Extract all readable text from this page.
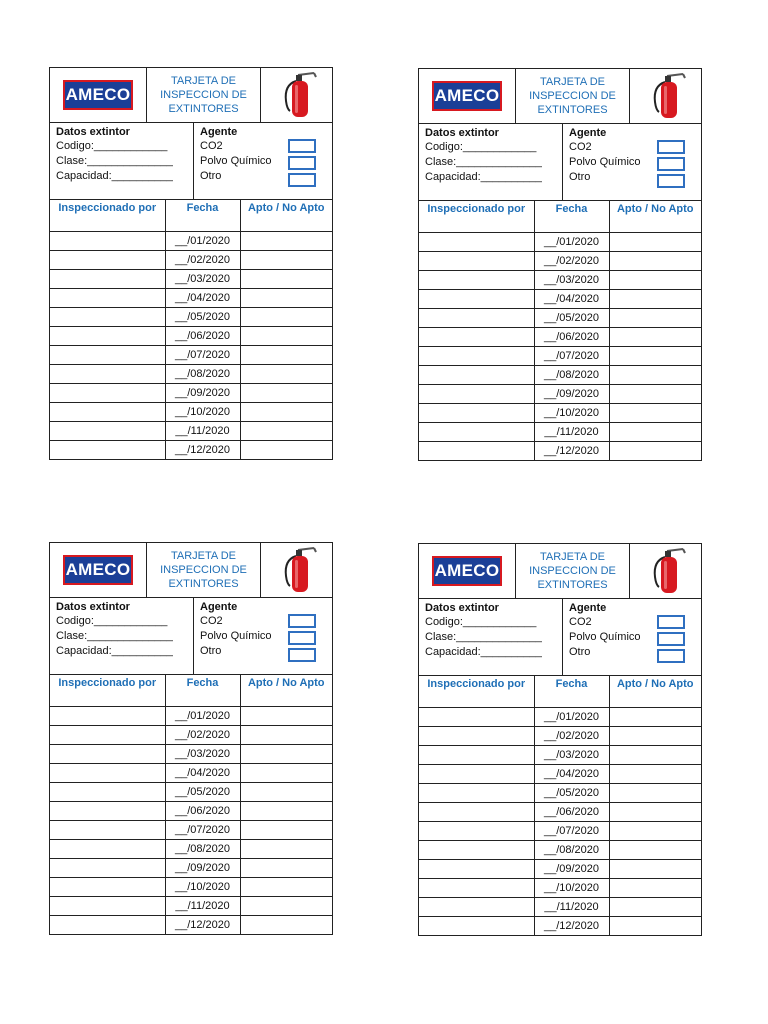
AMECO
TARJETA DE
INSPECCION DE
EXTINTORES
Datos extintor
Codigo:____________
Clase:______________
Capacidad:__________
Agente
CO2
Polvo Químico
Otro
Inspeccionado por	Fecha	Apto / No Apto
	__/01/2020	
	__/02/2020	
	__/03/2020	
	__/04/2020	
	__/05/2020	
	__/06/2020	
	__/07/2020	
	__/08/2020	
	__/09/2020	
	__/10/2020	
	__/11/2020	
	__/12/2020	
AMECO
TARJETA DE
INSPECCION DE
EXTINTORES
Datos extintor
Codigo:____________
Clase:______________
Capacidad:__________
Agente
CO2
Polvo Químico
Otro
Inspeccionado por	Fecha	Apto / No Apto
	__/01/2020	
	__/02/2020	
	__/03/2020	
	__/04/2020	
	__/05/2020	
	__/06/2020	
	__/07/2020	
	__/08/2020	
	__/09/2020	
	__/10/2020	
	__/11/2020	
	__/12/2020	
AMECO
TARJETA DE
INSPECCION DE
EXTINTORES
Datos extintor
Codigo:____________
Clase:______________
Capacidad:__________
Agente
CO2
Polvo Químico
Otro
Inspeccionado por	Fecha	Apto / No Apto
	__/01/2020	
	__/02/2020	
	__/03/2020	
	__/04/2020	
	__/05/2020	
	__/06/2020	
	__/07/2020	
	__/08/2020	
	__/09/2020	
	__/10/2020	
	__/11/2020	
	__/12/2020	
AMECO
TARJETA DE
INSPECCION DE
EXTINTORES
Datos extintor
Codigo:____________
Clase:______________
Capacidad:__________
Agente
CO2
Polvo Químico
Otro
Inspeccionado por	Fecha	Apto / No Apto
	__/01/2020	
	__/02/2020	
	__/03/2020	
	__/04/2020	
	__/05/2020	
	__/06/2020	
	__/07/2020	
	__/08/2020	
	__/09/2020	
	__/10/2020	
	__/11/2020	
	__/12/2020	
